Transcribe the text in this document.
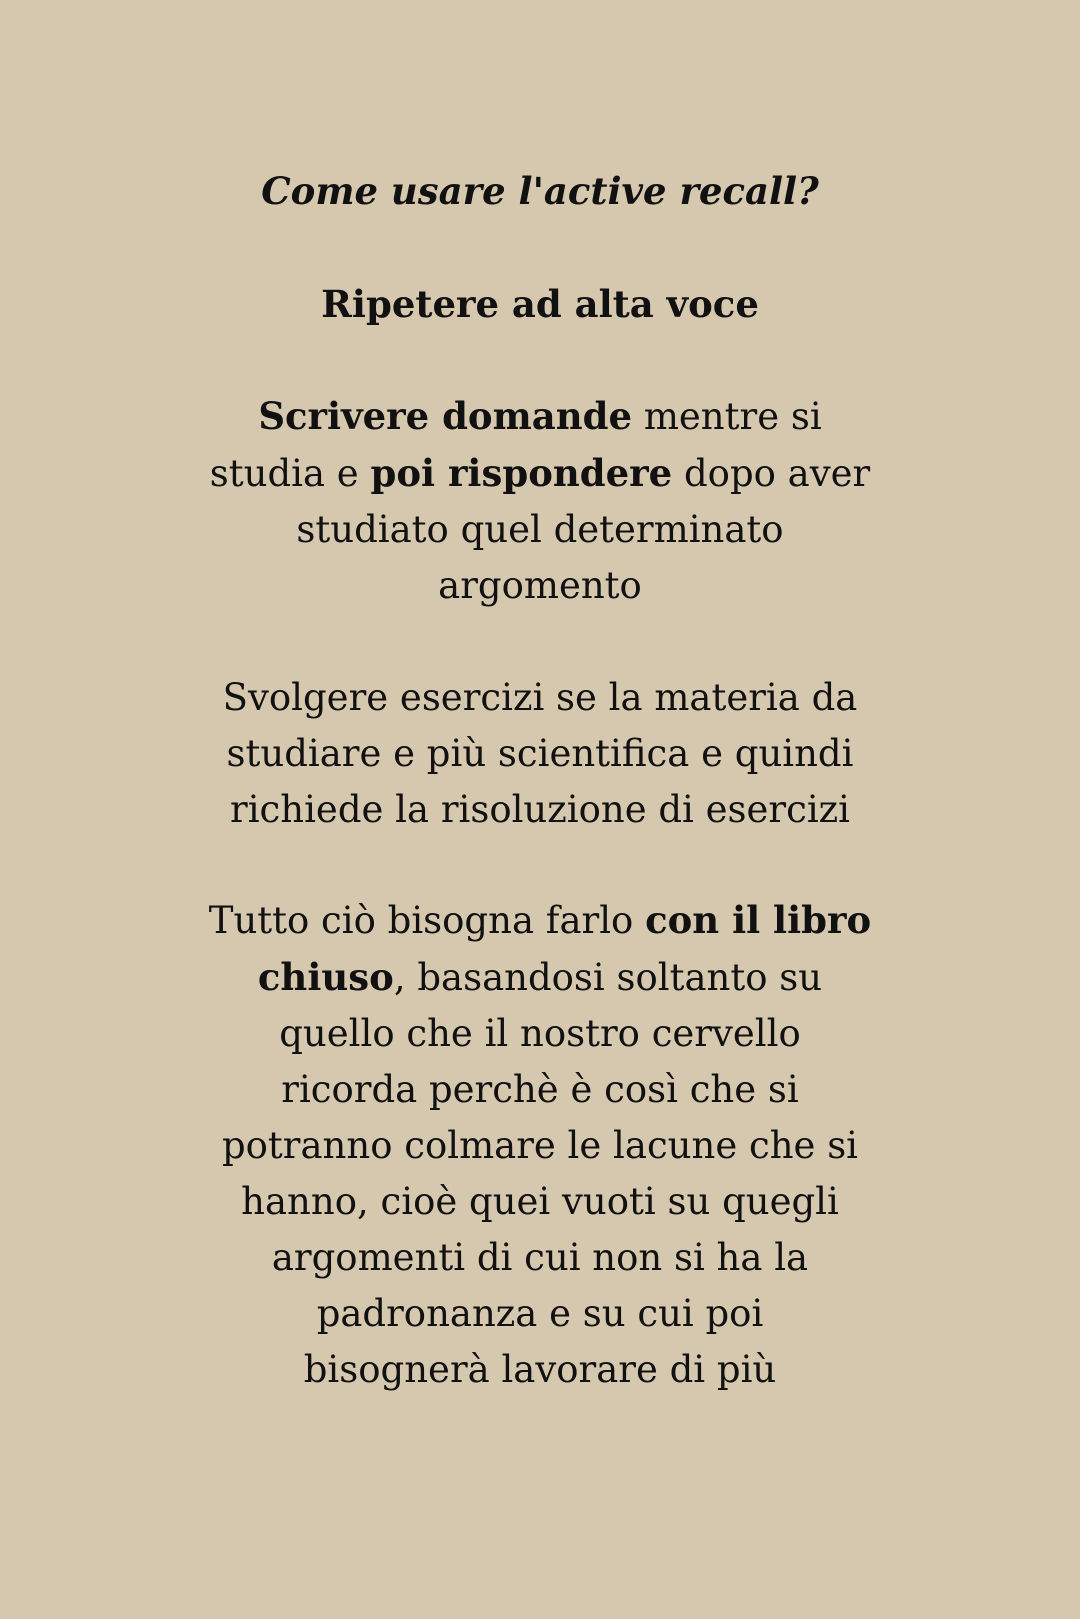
Come usare l'active recall?
Ripetere ad alta voce
Scrivere domande mentre si
studia e poi rispondere dopo aver
studiato quel determinato
argomento
Svolgere esercizi se la materia da
studiare e più scientifica e quindi
richiede la risoluzione di esercizi
Tutto ciò bisogna farlo con il libro
chiuso, basandosi soltanto su
quello che il nostro cervello
ricorda perchè è così che si
potranno colmare le lacune che si
hanno, cioè quei vuoti su quegli
argomenti di cui non si ha la
padronanza e su cui poi
bisognerà lavorare di più
